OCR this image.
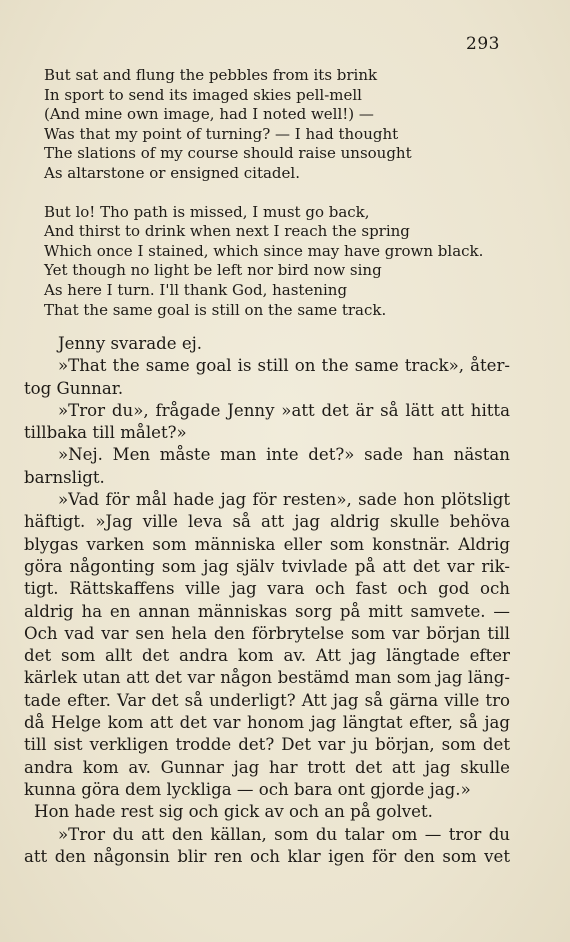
293
But sat and flung the pebbles from its brink
In sport to send its imaged skies pell-mell
(And mine own image, had I noted well!) —
Was that my point of turning? — I had thought
The slations of my course should raise unsought
As altarstone or ensigned citadel.
But lo! Tho path is missed, I must go back,
And thirst to drink when next I reach the spring
Which once I stained, which since may have grown black.
Yet though no light be left nor bird now sing
As here I turn. I'll thank God, hastening
That the same goal is still on the same track.
Jenny svarade ej.
»That the same goal is still on the same track», åter-
tog Gunnar.
»Tror du», frågade Jenny »att det är så lätt att hitta
tillbaka till målet?»
»Nej. Men måste man inte det?» sade han nästan
barnsligt.
»Vad för mål hade jag för resten», sade hon plötsligt
häftigt. »Jag ville leva så att jag aldrig skulle behöva
blygas varken som människa eller som konstnär. Aldrig
göra någonting som jag själv tvivlade på att det var rik-
tigt. Rättskaffens ville jag vara och fast och god och
aldrig ha en annan människas sorg på mitt samvete. —
Och vad var sen hela den förbrytelse som var början till
det som allt det andra kom av. Att jag längtade efter
kärlek utan att det var någon bestämd man som jag läng-
tade efter. Var det så underligt? Att jag så gärna ville tro
då Helge kom att det var honom jag längtat efter, så jag
till sist verkligen trodde det? Det var ju början, som det
andra kom av. Gunnar jag har trott det att jag skulle
kunna göra dem lyckliga — och bara ont gjorde jag.»
Hon hade rest sig och gick av och an på golvet.
»Tror du att den källan, som du talar om — tror du
att den någonsin blir ren och klar igen för den som vet
